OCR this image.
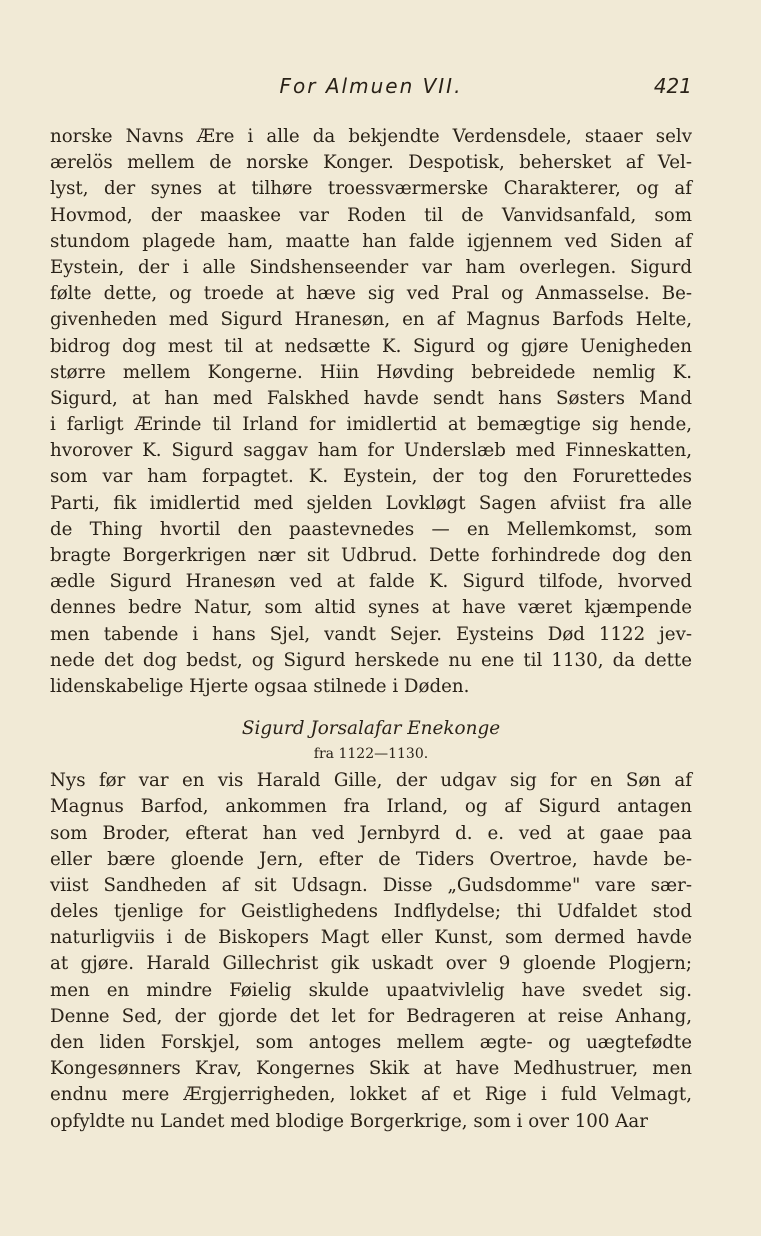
For Almuen VII.	421
norske Navns Ære i alle da bekjendte Verdensdele, staaer selv
ærelös mellem de norske Konger. Despotisk, behersket af Vel-
lyst, der synes at tilhøre troessværmerske Charakterer, og af
Hovmod, der maaskee var Roden til de Vanvidsanfald, som
stundom plagede ham, maatte han falde igjennem ved Siden af
Eystein, der i alle Sindshenseender var ham overlegen. Sigurd
følte dette, og troede at hæve sig ved Pral og Anmasselse. Be-
givenheden med Sigurd Hranesøn, en af Magnus Barfods Helte,
bidrog dog mest til at nedsætte K. Sigurd og gjøre Uenigheden
større mellem Kongerne. Hiin Høvding bebreidede nemlig K.
Sigurd, at han med Falskhed havde sendt hans Søsters Mand
i farligt Ærinde til Irland for imidlertid at bemægtige sig hende,
hvorover K. Sigurd saggav ham for Underslæb med Finneskatten,
som var ham forpagtet. K. Eystein, der tog den Forurettedes
Parti, fik imidlertid med sjelden Lovkløgt Sagen afviist fra alle
de Thing hvortil den paastevnedes — en Mellemkomst, som
bragte Borgerkrigen nær sit Udbrud. Dette forhindrede dog den
ædle Sigurd Hranesøn ved at falde K. Sigurd tilfode, hvorved
dennes bedre Natur, som altid synes at have været kjæmpende
men tabende i hans Sjel, vandt Sejer. Eysteins Død 1122 jev-
nede det dog bedst, og Sigurd herskede nu ene til 1130, da dette
lidenskabelige Hjerte ogsaa stilnede i Døden.
Sigurd Jorsalafar Enekonge
fra 1122—1130.
Nys før var en vis Harald Gille, der udgav sig for en Søn af
Magnus Barfod, ankommen fra Irland, og af Sigurd antagen
som Broder, efterat han ved Jernbyrd d. e. ved at gaae paa
eller bære gloende Jern, efter de Tiders Overtroe, havde be-
viist Sandheden af sit Udsagn. Disse „Gudsdomme" vare sær-
deles tjenlige for Geistlighedens Indflydelse; thi Udfaldet stod
naturligviis i de Biskopers Magt eller Kunst, som dermed havde
at gjøre. Harald Gillechrist gik uskadt over 9 gloende Plogjern;
men en mindre Føielig skulde upaatvivlelig have svedet sig.
Denne Sed, der gjorde det let for Bedrageren at reise Anhang,
den liden Forskjel, som antoges mellem ægte- og uægtefødte
Kongesønners Krav, Kongernes Skik at have Medhustruer, men
endnu mere Ærgjerrigheden, lokket af et Rige i fuld Velmagt,
opfyldte nu Landet med blodige Borgerkrige, som i over 100 Aar
